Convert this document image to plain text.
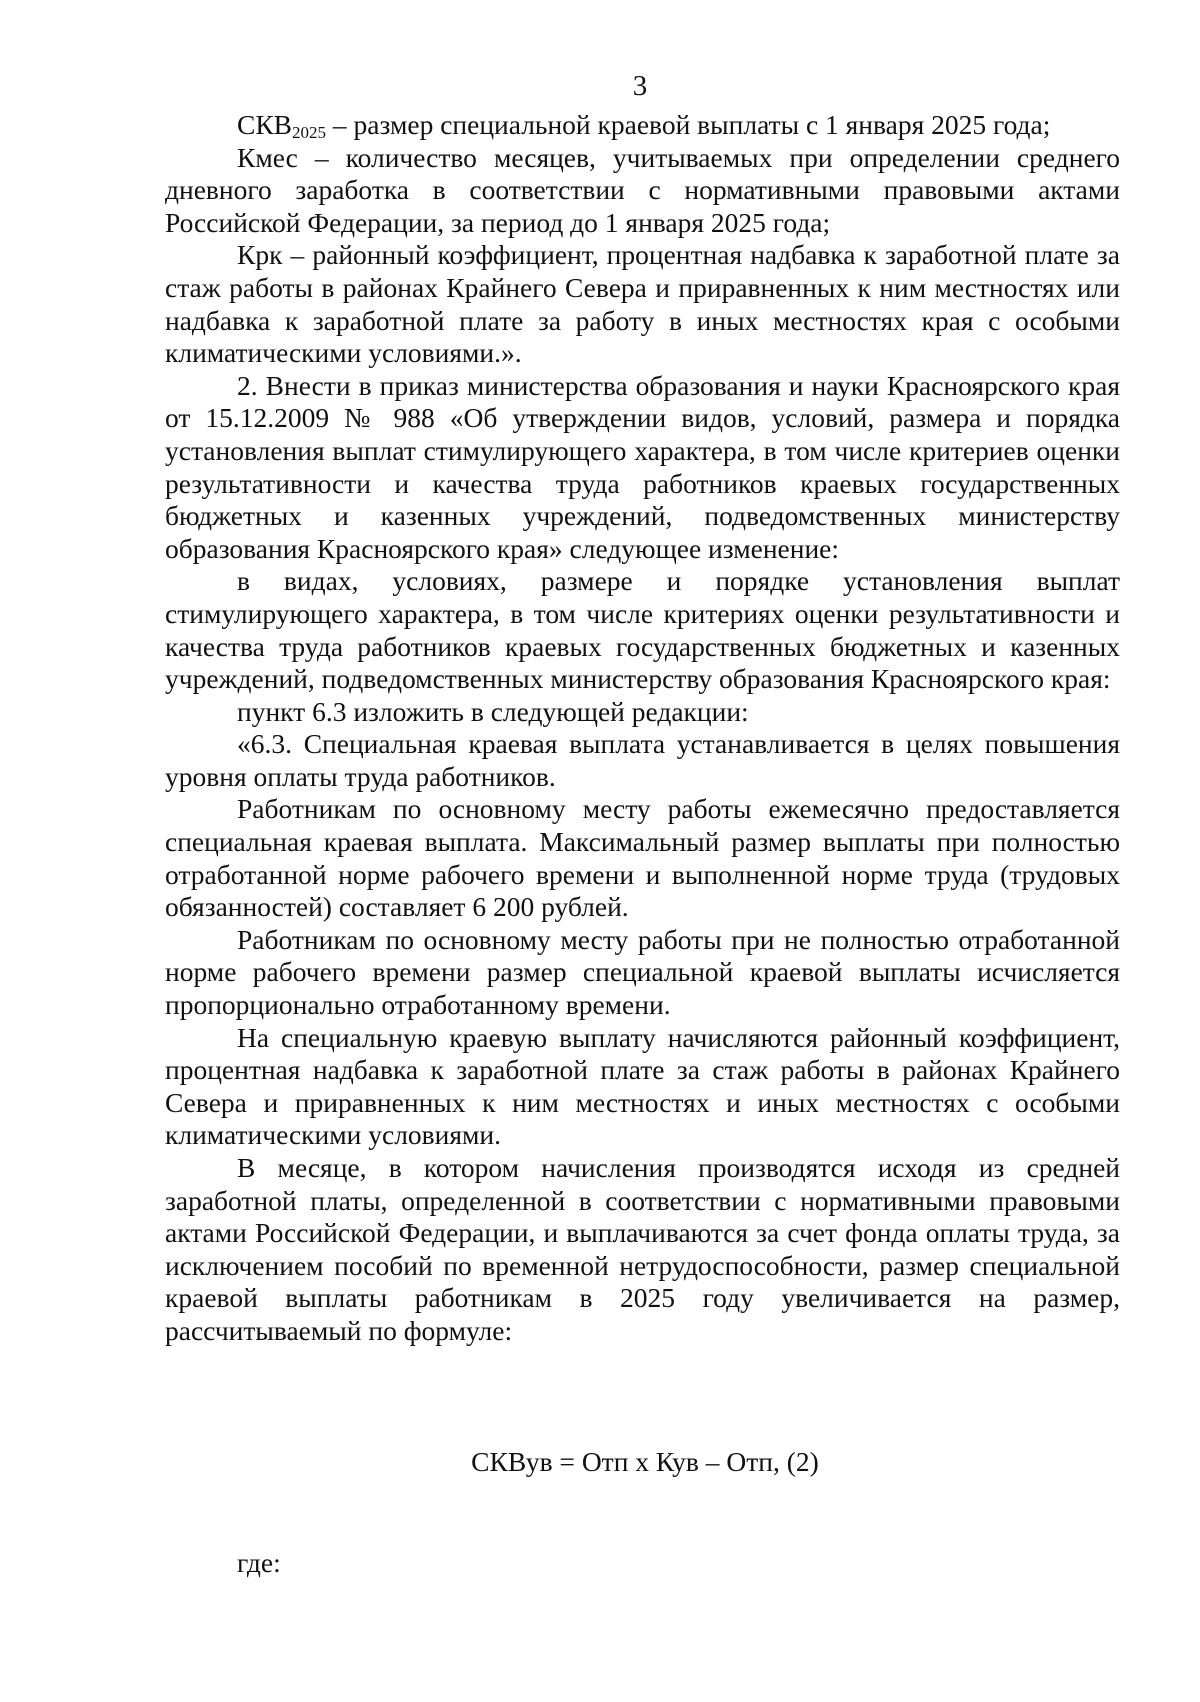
3

$СКВ_{2025}$ – размер специальной краевой выплаты с 1 января 2025 года;

Кмес – количество месяцев, учитываемых при определении среднего дневного заработка в соответствии с нормативными правовыми актами Российской Федерации, за период до 1 января 2025 года;

Крк – районный коэффициент, процентная надбавка к заработной плате за стаж работы в районах Крайнего Севера и приравненных к ним местностях или надбавка к заработной плате за работу в иных местностях края с особыми климатическими условиями.».

2. Внести в приказ министерства образования и науки Красноярского края от 15.12.2009 № 988 «Об утверждении видов, условий, размера и порядка установления выплат стимулирующего характера, в том числе критериев оценки результативности и качества труда работников краевых государственных бюджетных и казенных учреждений, подведомственных министерству образования Красноярского края» следующее изменение:

в видах, условиях, размере и порядке установления выплат стимулирующего характера, в том числе критериях оценки результативности и качества труда работников краевых государственных бюджетных и казенных учреждений, подведомственных министерству образования Красноярского края:

пункт 6.3 изложить в следующей редакции:

«6.3. Специальная краевая выплата устанавливается в целях повышения уровня оплаты труда работников.

Работникам по основному месту работы ежемесячно предоставляется специальная краевая выплата. Максимальный размер выплаты при полностью отработанной норме рабочего времени и выполненной норме труда (трудовых обязанностей) составляет 6 200 рублей.

Работникам по основному месту работы при не полностью отработанной норме рабочего времени размер специальной краевой выплаты исчисляется пропорционально отработанному времени.

На специальную краевую выплату начисляются районный коэффициент, процентная надбавка к заработной плате за стаж работы в районах Крайнего Севера и приравненных к ним местностях и иных местностях с особыми климатическими условиями.

В месяце, в котором начисления производятся исходя из средней заработной платы, определенной в соответствии с нормативными правовыми актами Российской Федерации, и выплачиваются за счет фонда оплаты труда, за исключением пособий по временной нетрудоспособности, размер специальной краевой выплаты работникам в 2025 году увеличивается на размер, рассчитываемый по формуле:

СКВув = Отп х Кув – Отп, (2)
где:
